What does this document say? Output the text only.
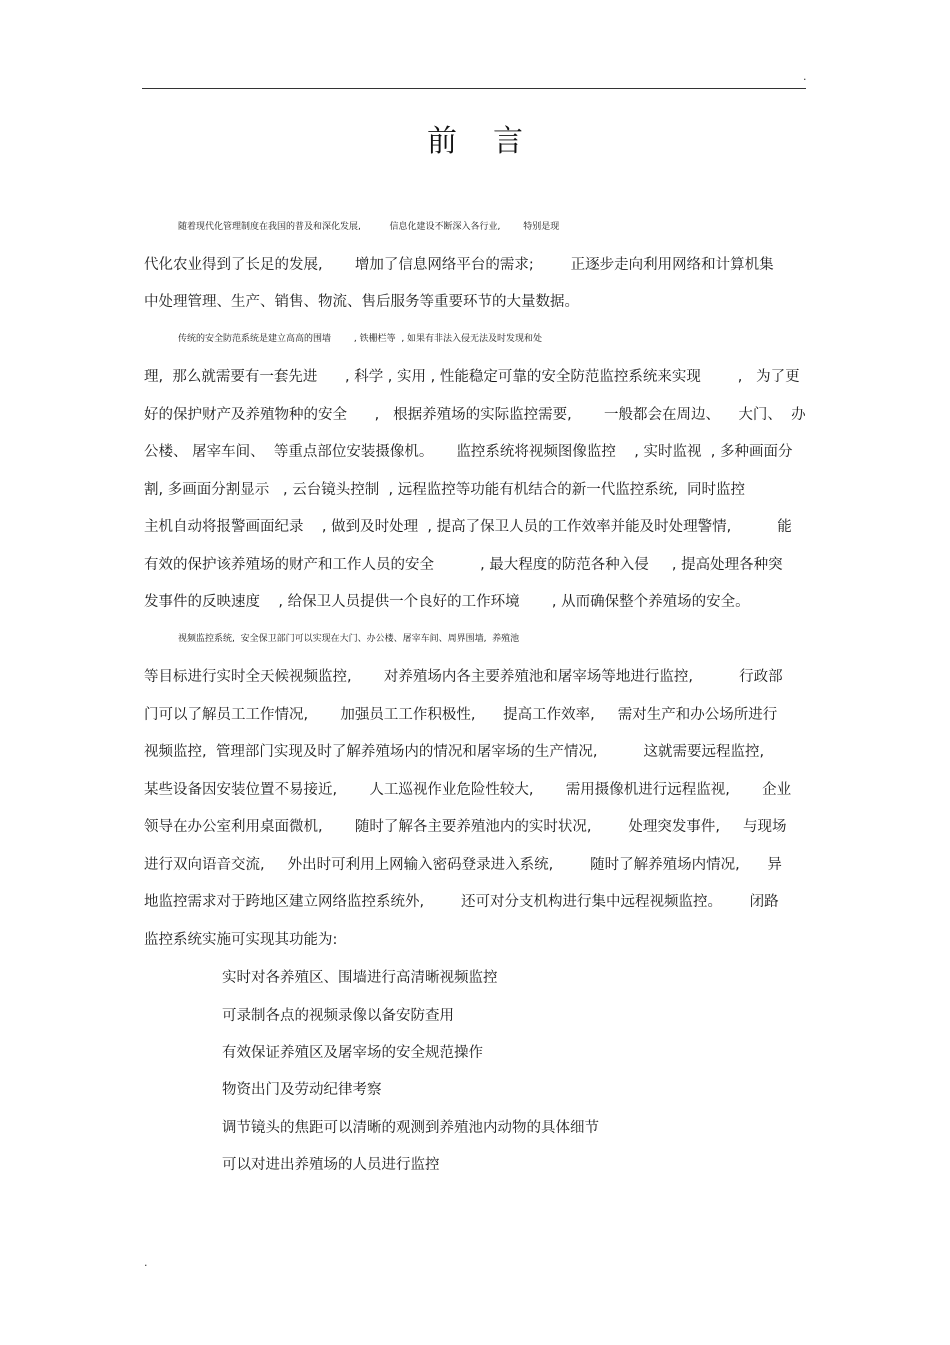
.
前言
随着现代化管理制度在我国的普及和深化发展,          信息化建设不断深入各行业,        特别是现
代化农业得到了长足的发展,       增加了信息网络平台的需求;        正逐步走向利用网络和计算机集
中处理管理、生产、销售、物流、售后服务等重要环节的大量数据。
传统的安全防范系统是建立高高的围墙        , 铁栅栏等  , 如果有非法入侵无法及时发现和处
理,  那么就需要有一套先进      , 科学 , 实用 , 性能稳定可靠的安全防范监控系统来实现        ,   为了更
好的保护财产及养殖物种的安全      ,   根据养殖场的实际监控需要,       一般都会在周边、    大门、  办
公楼、 屠宰车间、  等重点部位安装摄像机。     监控系统将视频图像监控    , 实时监视  , 多种画面分
割, 多画面分割显示   , 云台镜头控制  , 远程监控等功能有机结合的新一代监控系统,  同时监控
主机自动将报警画面纪录    , 做到及时处理  , 提高了保卫人员的工作效率并能及时处理警情,          能
有效的保护该养殖场的财产和工作人员的安全          , 最大程度的防范各种入侵     , 提高处理各种突
发事件的反映速度    , 给保卫人员提供一个良好的工作环境       , 从而确保整个养殖场的安全。
视频监控系统,  安全保卫部门可以实现在大门、办公楼、屠宰车间、周界围墙,  养殖池
等目标进行实时全天候视频监控,       对养殖场内各主要养殖池和屠宰场等地进行监控,          行政部
门可以了解员工工作情况,       加强员工工作积极性,      提高工作效率,     需对生产和办公场所进行
视频监控,  管理部门实现及时了解养殖场内的情况和屠宰场的生产情况,          这就需要远程监控,
某些设备因安装位置不易接近,       人工巡视作业危险性较大,       需用摄像机进行远程监视,       企业
领导在办公室利用桌面微机,       随时了解各主要养殖池内的实时状况,        处理突发事件,     与现场
进行双向语音交流,     外出时可利用上网输入密码登录进入系统,        随时了解养殖场内情况,      异
地监控需求对于跨地区建立网络监控系统外,        还可对分支机构进行集中远程视频监控。      闭路
监控系统实施可实现其功能为:
实时对各养殖区、围墙进行高清晰视频监控
可录制各点的视频录像以备安防查用
有效保证养殖区及屠宰场的安全规范操作
物资出门及劳动纪律考察
调节镜头的焦距可以清晰的观测到养殖池内动物的具体细节
可以对进出养殖场的人员进行监控
.
